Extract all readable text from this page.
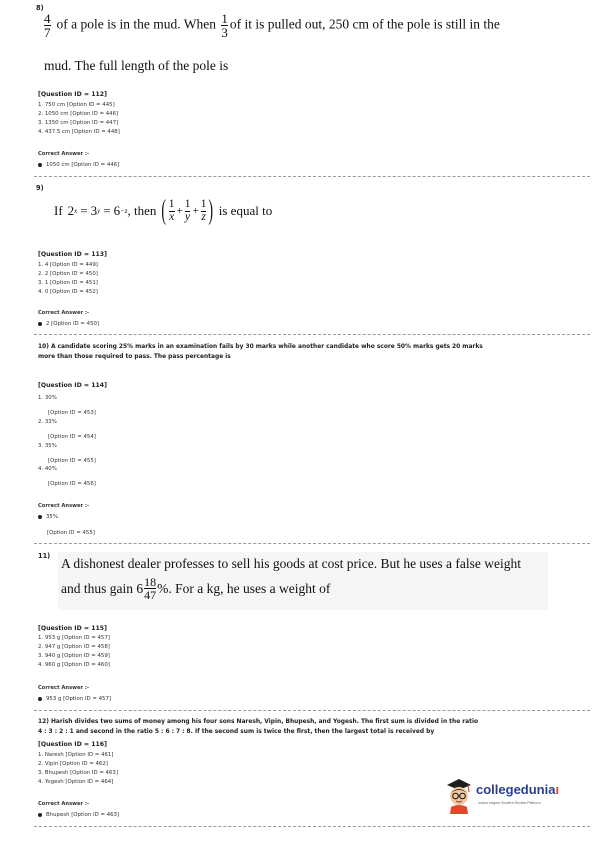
8)
$\frac{4}{7}$ of a pole is in the mud. When $\frac{1}{3}$ of it is pulled out, 250 cm of the pole is still in the
mud. The full length of the pole is
[Question ID = 112]
1. 750 cm [Option ID = 445]
2. 1050 cm [Option ID = 446]
3. 1350 cm [Option ID = 447]
4. 437.5 cm [Option ID = 448]
Correct Answer :-
1050 cm [Option ID = 446]
9)
If 2 x = 3 y = 6 −z , then ( $\frac{1}{x} + \frac{1}{y} + \frac{1}{z}$ ) is equal to
[Question ID = 113]
1. 4 [Option ID = 449]
2. 2 [Option ID = 450]
3. 1 [Option ID = 451]
4. 0 [Option ID = 452]
Correct Answer :-
2 [Option ID = 450]
10) A candidate scoring 25% marks in an examination fails by 30 marks while another candidate who score 50% marks gets 20 marks
more than those required to pass. The pass percentage is
[Question ID = 114]
1. 30%
[Option ID = 453]
2. 33%
[Option ID = 454]
3. 35%
[Option ID = 455]
4. 40%
[Option ID = 456]
Correct Answer :-
35%
[Option ID = 455]
11) A dishonest dealer professes to sell his goods at cost price. But he uses a false weight
and thus gain $6 \frac{18}{47}$ %. For a kg, he uses a weight of
[Question ID = 115]
1. 953 g [Option ID = 457]
2. 947 g [Option ID = 458]
3. 940 g [Option ID = 459]
4. 960 g [Option ID = 460]
Correct Answer :-
953 g [Option ID = 457]
12) Harish divides two sums of money among his four sons Naresh, Vipin, Bhupesh, and Yogesh. The first sum is divided in the ratio
4 : 3 : 2 : 1 and second in the ratio 5 : 6 : 7 : 8. If the second sum is twice the first, then the largest total is received by
[Question ID = 116]
1. Naresh [Option ID = 461]
2. Vipin [Option ID = 462]
3. Bhupesh [Option ID = 463]
4. Yogesh [Option ID = 464]
Correct Answer :-
Bhupesh [Option ID = 463]
collegeduniaı
India's largest Student Review Platform
